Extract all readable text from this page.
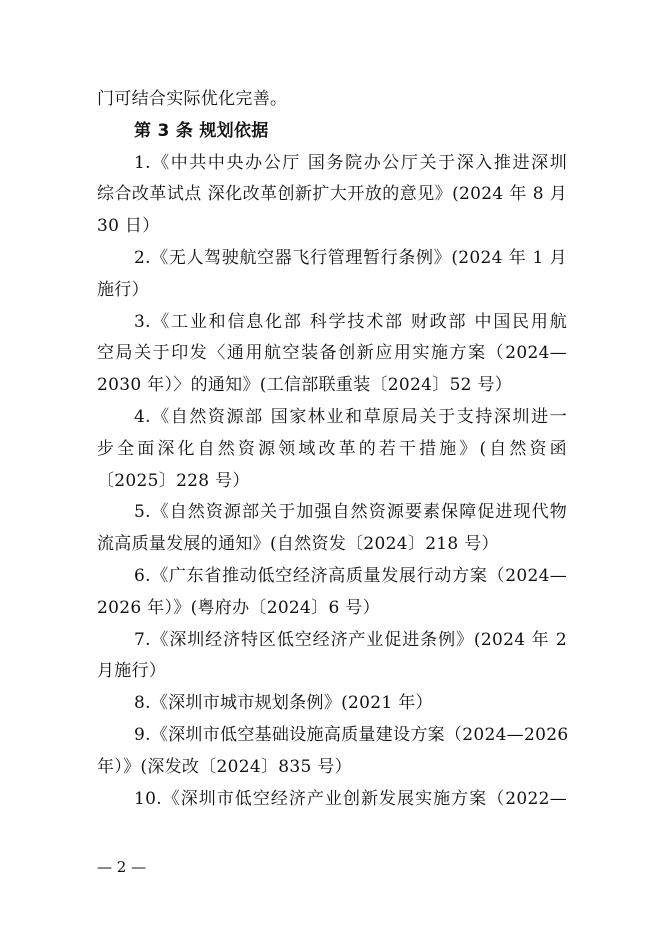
门可结合实际优化完善。
第 3 条 规划依据
1.《中共中央办公厅 国务院办公厅关于深入推进深圳
综合改革试点 深化改革创新扩大开放的意见》(2024 年 8 月
30 日）
2.《无人驾驶航空器飞行管理暂行条例》(2024 年 1 月
施行）
3.《工业和信息化部 科学技术部 财政部 中国民用航
空局关于印发〈通用航空装备创新应用实施方案（2024—
2030 年）〉的通知》(工信部联重装〔2024〕52 号）
4.《自然资源部 国家林业和草原局关于支持深圳进一
步全面深化自然资源领域改革的若干措施》(自然资函
〔2025〕228 号）
5.《自然资源部关于加强自然资源要素保障促进现代物
流高质量发展的通知》(自然资发〔2024〕218 号）
6.《广东省推动低空经济高质量发展行动方案（2024—
2026 年）》(粤府办〔2024〕6 号）
7.《深圳经济特区低空经济产业促进条例》(2024 年 2
月施行）
8.《深圳市城市规划条例》(2021 年）
9.《深圳市低空基础设施高质量建设方案（2024—2026
年）》(深发改〔2024〕835 号）
10.《深圳市低空经济产业创新发展实施方案（2022—
— 2 —
